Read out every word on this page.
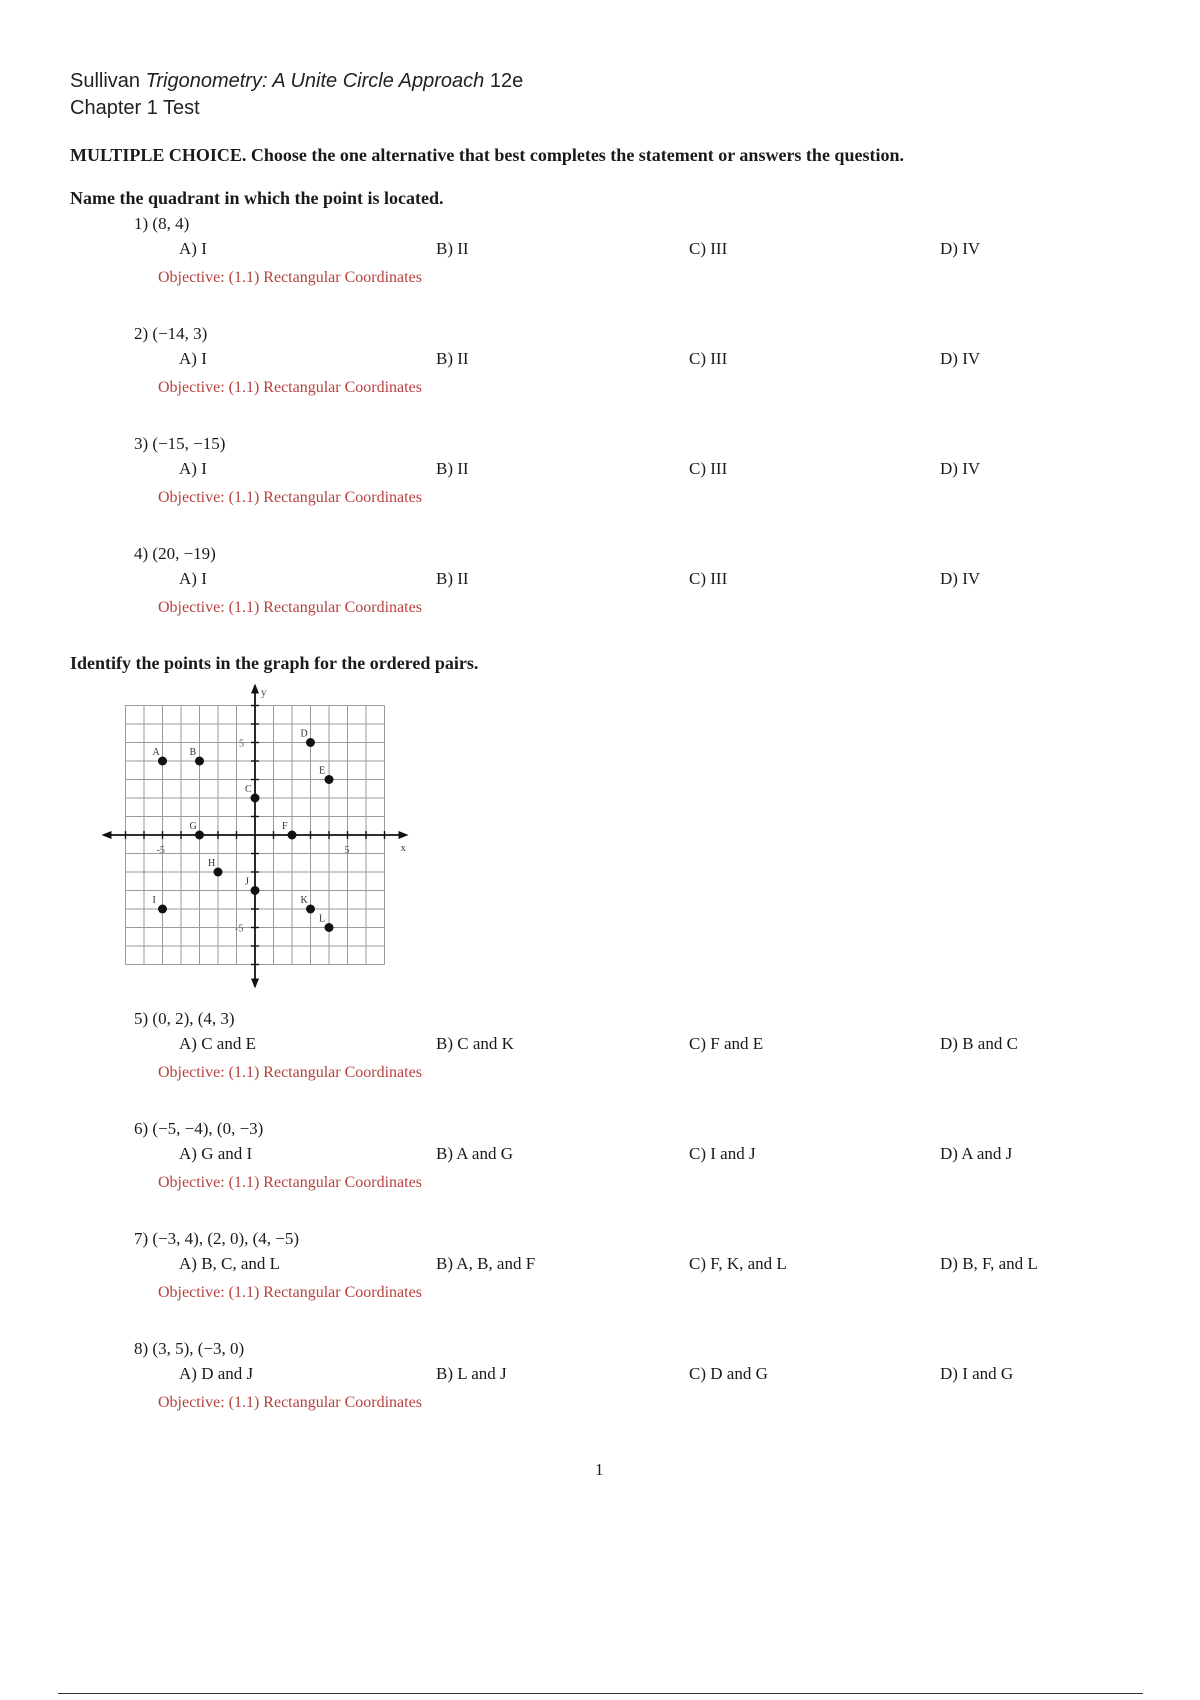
Sullivan Trigonometry: A Unite Circle Approach 12e
Chapter 1 Test
MULTIPLE CHOICE. Choose the one alternative that best completes the statement or answers the question.
Name the quadrant in which the point is located.
1) (8, 4)
A) I	B) II	C) III	D) IV
Objective: (1.1) Rectangular Coordinates
2) (−14, 3)
A) I	B) II	C) III	D) IV
Objective: (1.1) Rectangular Coordinates
3) (−15, −15)
A) I	B) II	C) III	D) IV
Objective: (1.1) Rectangular Coordinates
4) (20, −19)
A) I	B) II	C) III	D) IV
Objective: (1.1) Rectangular Coordinates
Identify the points in the graph for the ordered pairs.
x
y
-5	5
5
-5
A	B
C
D
E
F
G
H
I
J
K
L
5) (0, 2), (4, 3)
A) C and E	B) C and K	C) F and E	D) B and C
Objective: (1.1) Rectangular Coordinates
6) (−5, −4), (0, −3)
A) G and I	B) A and G	C) I and J	D) A and J
Objective: (1.1) Rectangular Coordinates
7) (−3, 4), (2, 0), (4, −5)
A) B, C, and L	B) A, B, and F	C) F, K, and L	D) B, F, and L
Objective: (1.1) Rectangular Coordinates
8) (3, 5), (−3, 0)
A) D and J	B) L and J	C) D and G	D) I and G
Objective: (1.1) Rectangular Coordinates
1
